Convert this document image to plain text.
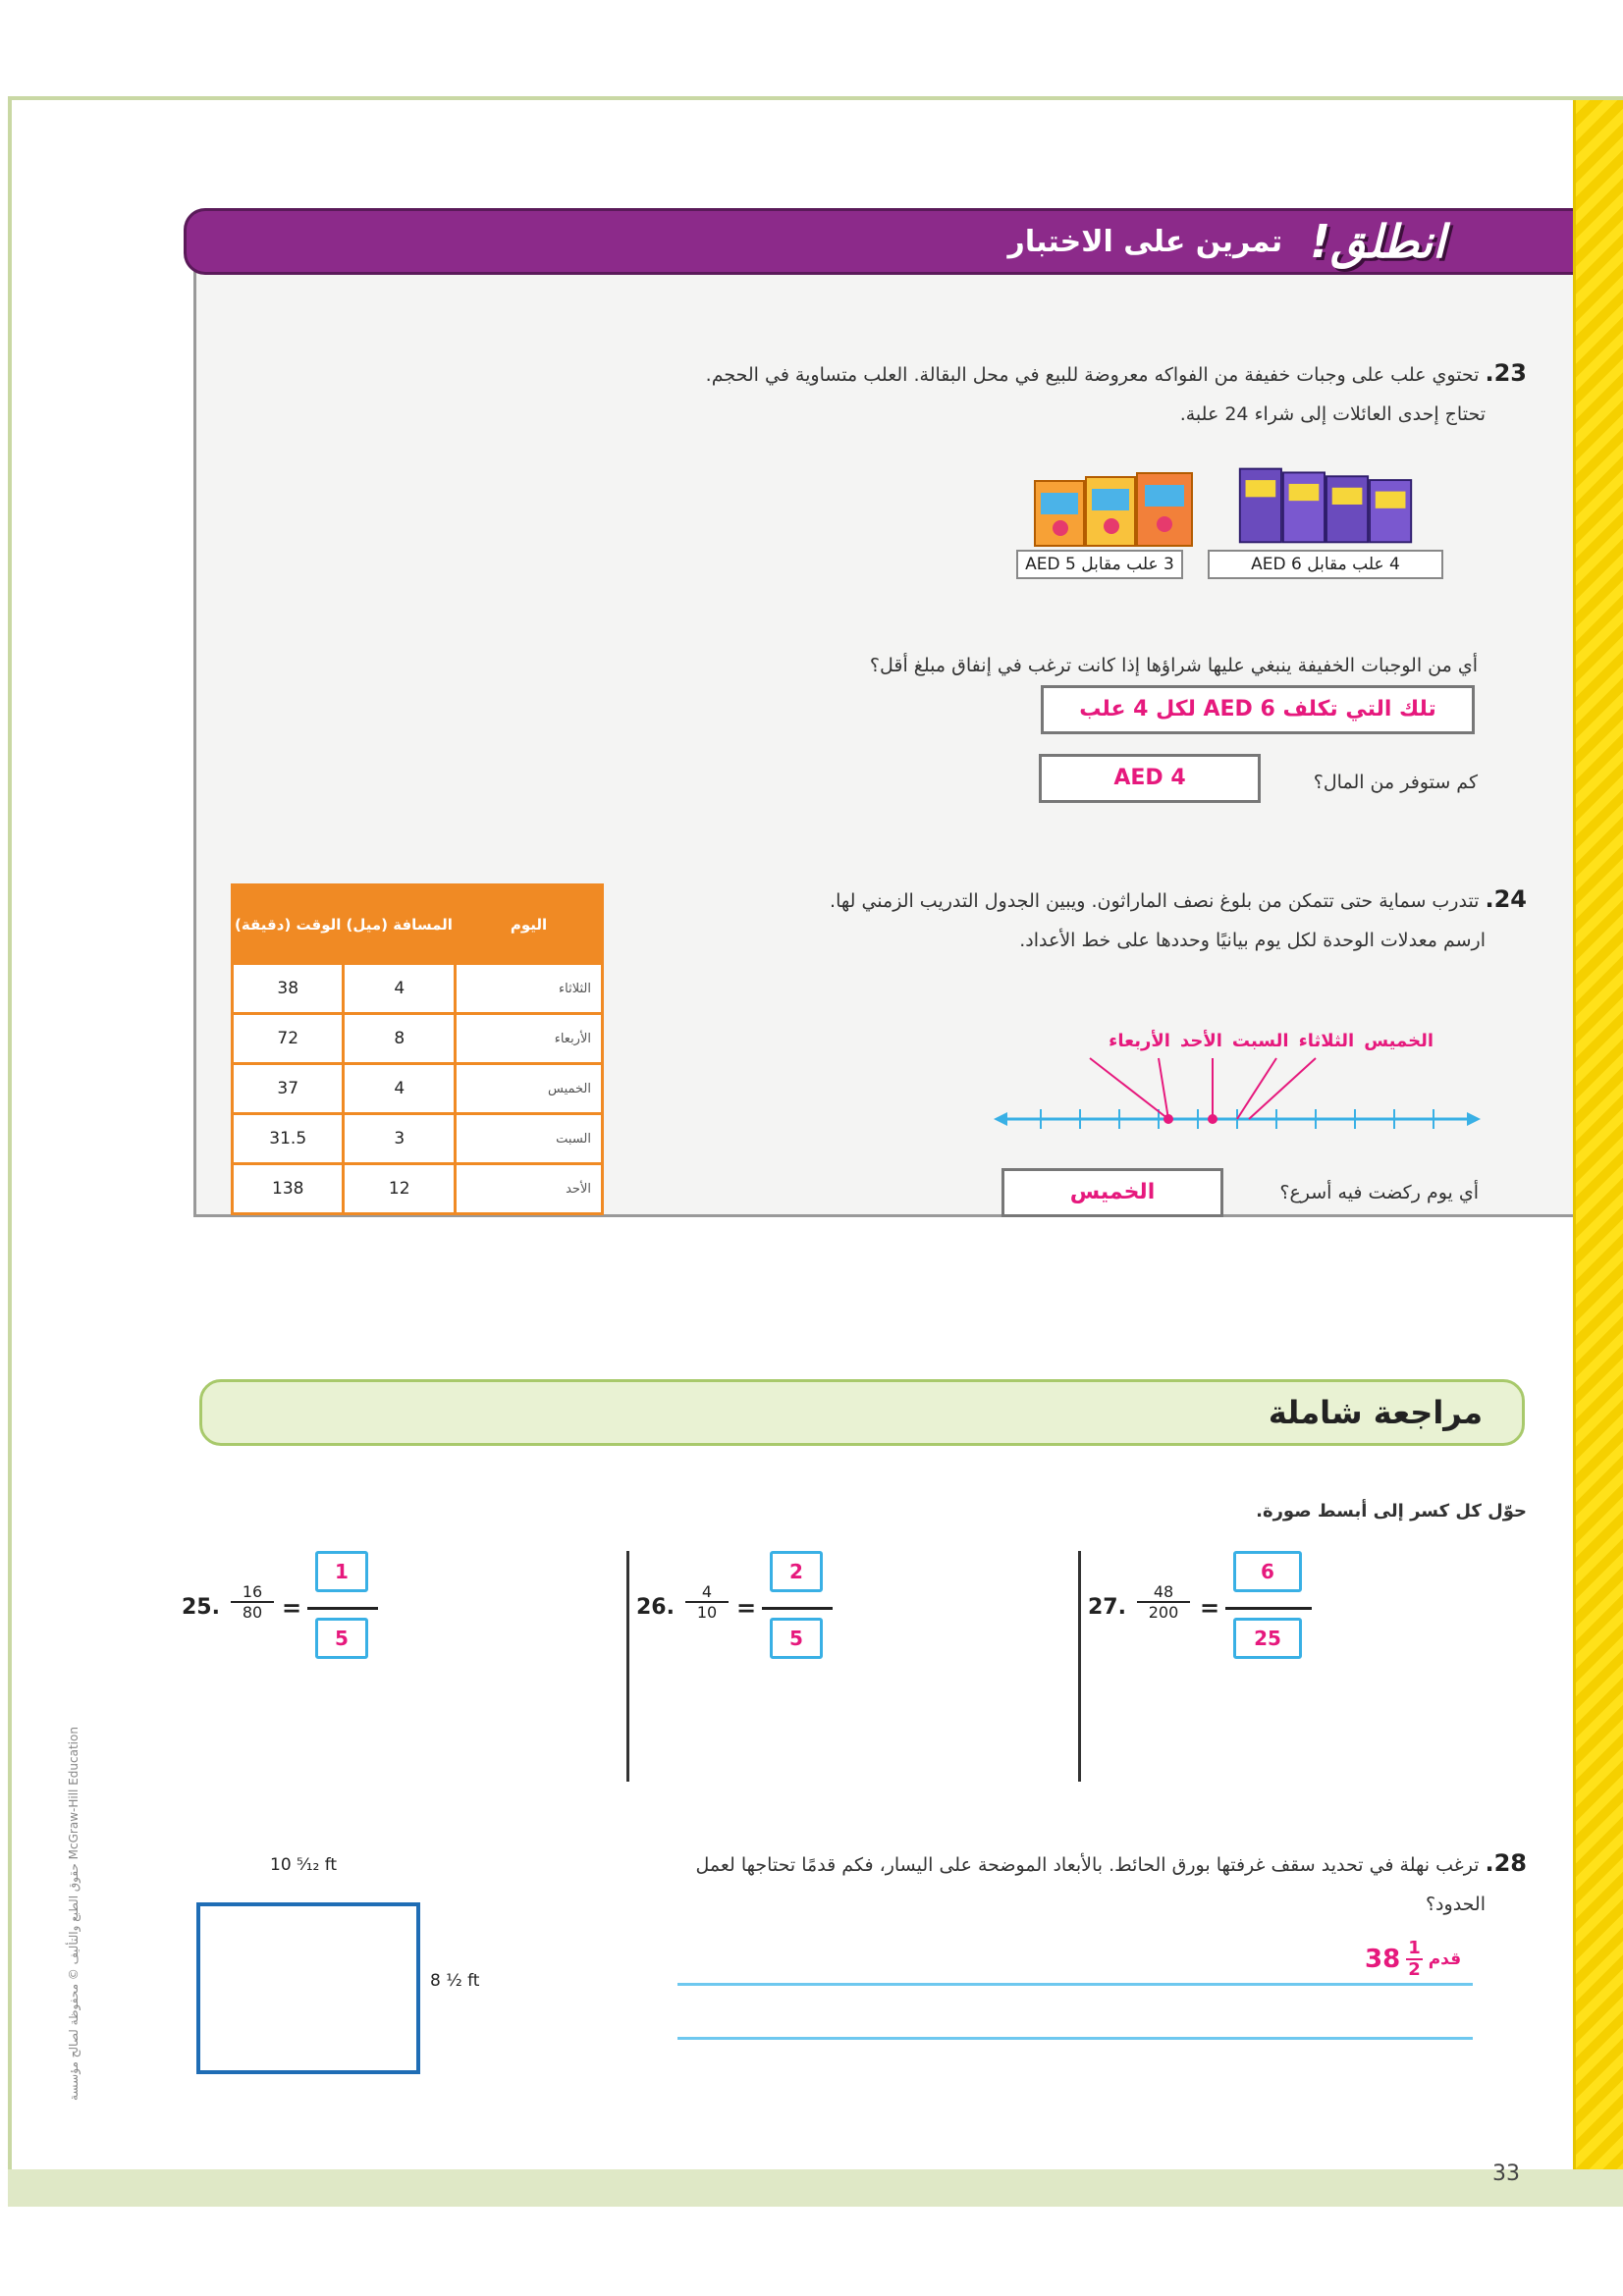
33
حقوق الطبع والتأليف © محفوظة لصالح مؤسسة McGraw-Hill Education
انطلق!
تمرين على الاختبار
23.تحتوي علب على وجبات خفيفة من الفواكه معروضة للبيع في محل البقالة. العلب متساوية في الحجم.
تحتاج إحدى العائلات إلى شراء 24 علبة.
3 علب مقابل AED 5	4 علب مقابل AED 6
أي من الوجبات الخفيفة ينبغي عليها شراؤها إذا كانت ترغب في إنفاق مبلغ أقل؟
تلك التي تكلف AED 6 لكل 4 علب
كم ستوفر من المال؟
AED 4
24.تتدرب سماية حتى تتمكن من بلوغ نصف الماراثون. ويبين الجدول التدريب الزمني لها.
ارسم معدلات الوحدة لكل يوم بيانيًا وحددها على خط الأعداد.
الوقت (دقيقة)	المسافة (ميل)	اليوم
38	4	الثلاثاء
72	8	الأربعاء
37	4	الخميس
31.5	3	السبت
138	12	الأحد
الخميس
الثلاثاء
السبت
الأحد
الأربعاء
أي يوم ركضت فيه أسرع؟
الخميس
مراجعة شاملة
حوّل كل كسر إلى أبسط صورة.
25. $\frac{16}{80}$ =
1
5
26. $\frac{4}{10}$ =
2
5
27. $\frac{48}{200}$ =
6
25
28.ترغب نهلة في تحديد سقف غرفتها بورق الحائط. بالأبعاد الموضحة على اليسار، فكم قدمًا تحتاجها لعمل
الحدود؟
10 ⁵⁄₁₂ ft
8 ½ ft
قدم
$\frac{1}{2}$
38
